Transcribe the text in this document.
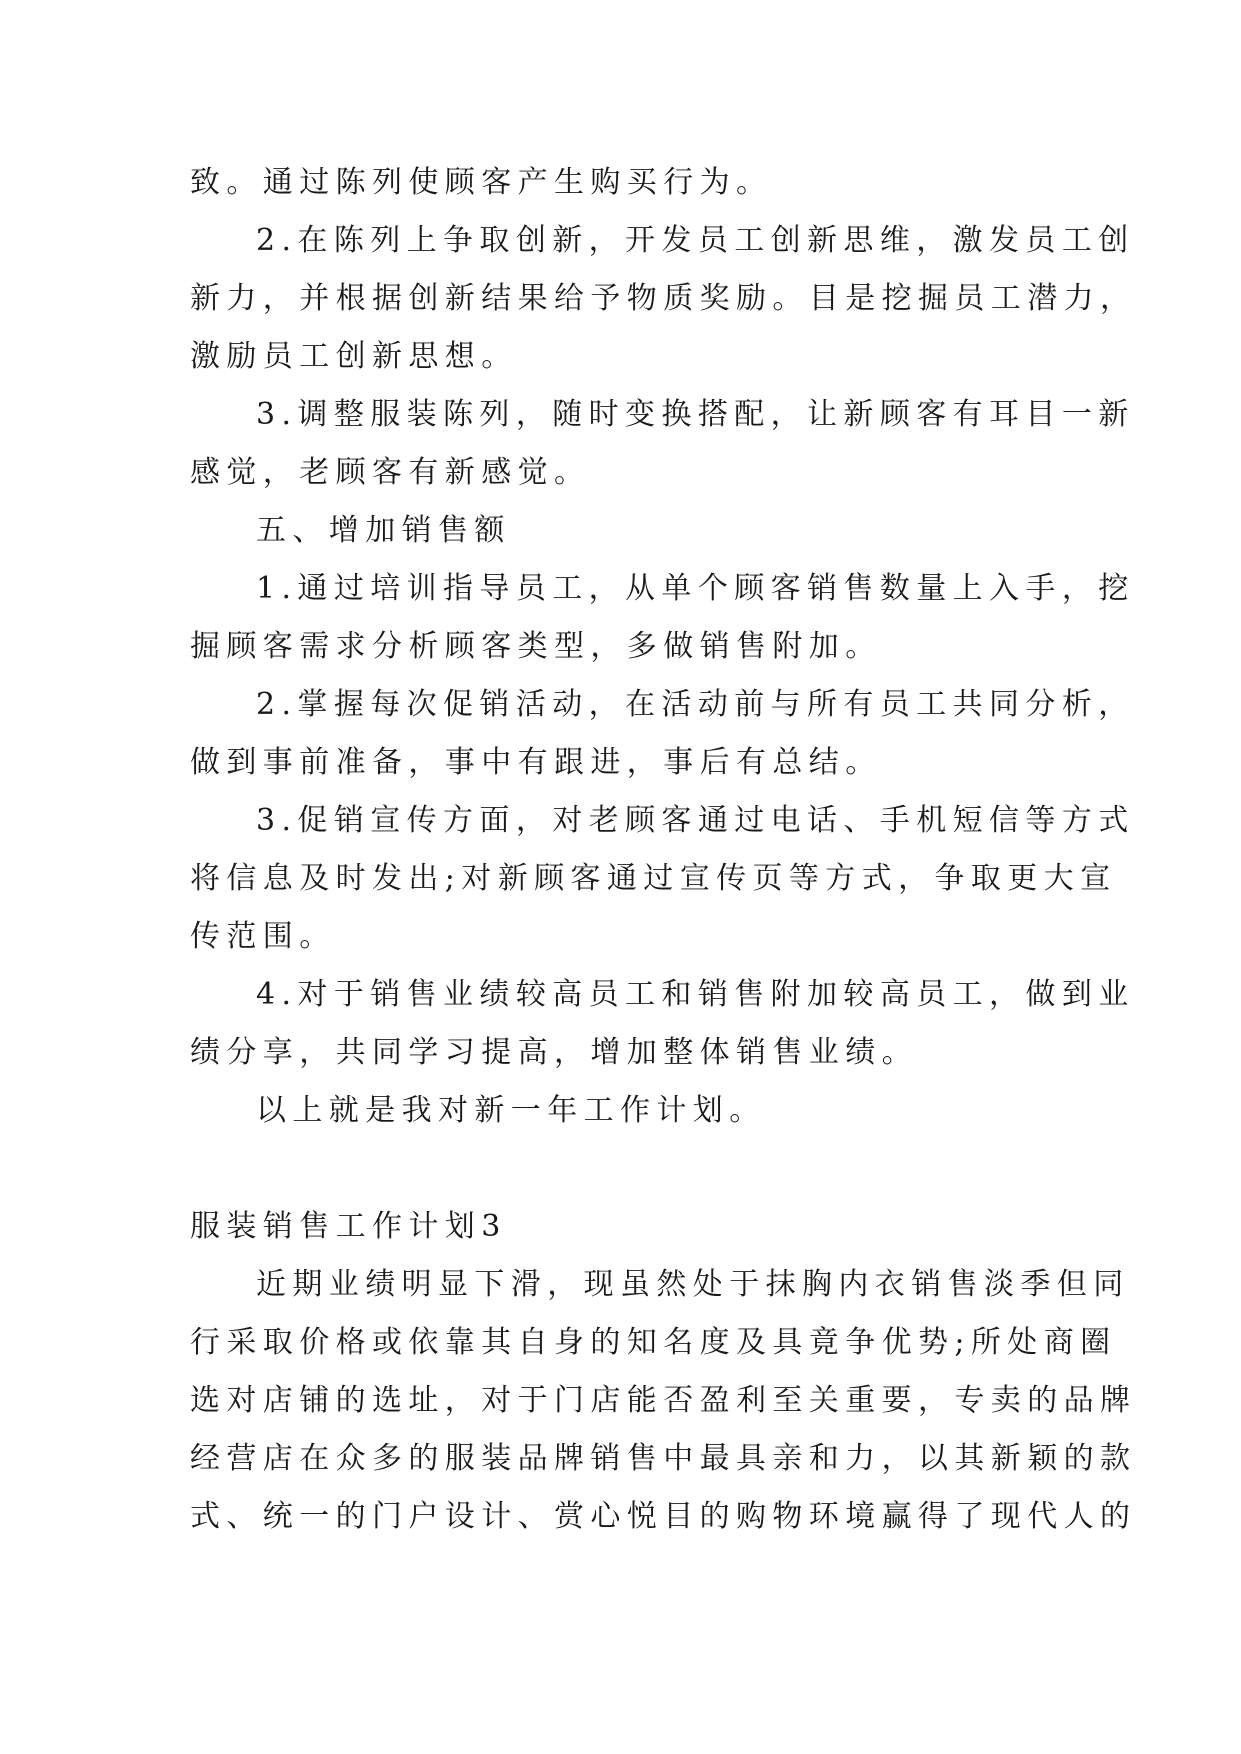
致。通过陈列使顾客产生购买行为。
2.在陈列上争取创新，开发员工创新思维，激发员工创
新力，并根据创新结果给予物质奖励。目是挖掘员工潜力，
激励员工创新思想。
3.调整服装陈列，随时变换搭配，让新顾客有耳目一新
感觉，老顾客有新感觉。
五、增加销售额
1.通过培训指导员工，从单个顾客销售数量上入手，挖
掘顾客需求分析顾客类型，多做销售附加。
2.掌握每次促销活动，在活动前与所有员工共同分析，
做到事前准备，事中有跟进，事后有总结。
3.促销宣传方面，对老顾客通过电话、手机短信等方式
将信息及时发出;对新顾客通过宣传页等方式，争取更大宣
传范围。
4.对于销售业绩较高员工和销售附加较高员工，做到业
绩分享，共同学习提高，增加整体销售业绩。
以上就是我对新一年工作计划。
服装销售工作计划3
近期业绩明显下滑，现虽然处于抹胸内衣销售淡季但同
行采取价格或依靠其自身的知名度及具竟争优势;所处商圈
选对店铺的选址，对于门店能否盈利至关重要，专卖的品牌
经营店在众多的服装品牌销售中最具亲和力，以其新颖的款
式、统一的门户设计、赏心悦目的购物环境赢得了现代人的
